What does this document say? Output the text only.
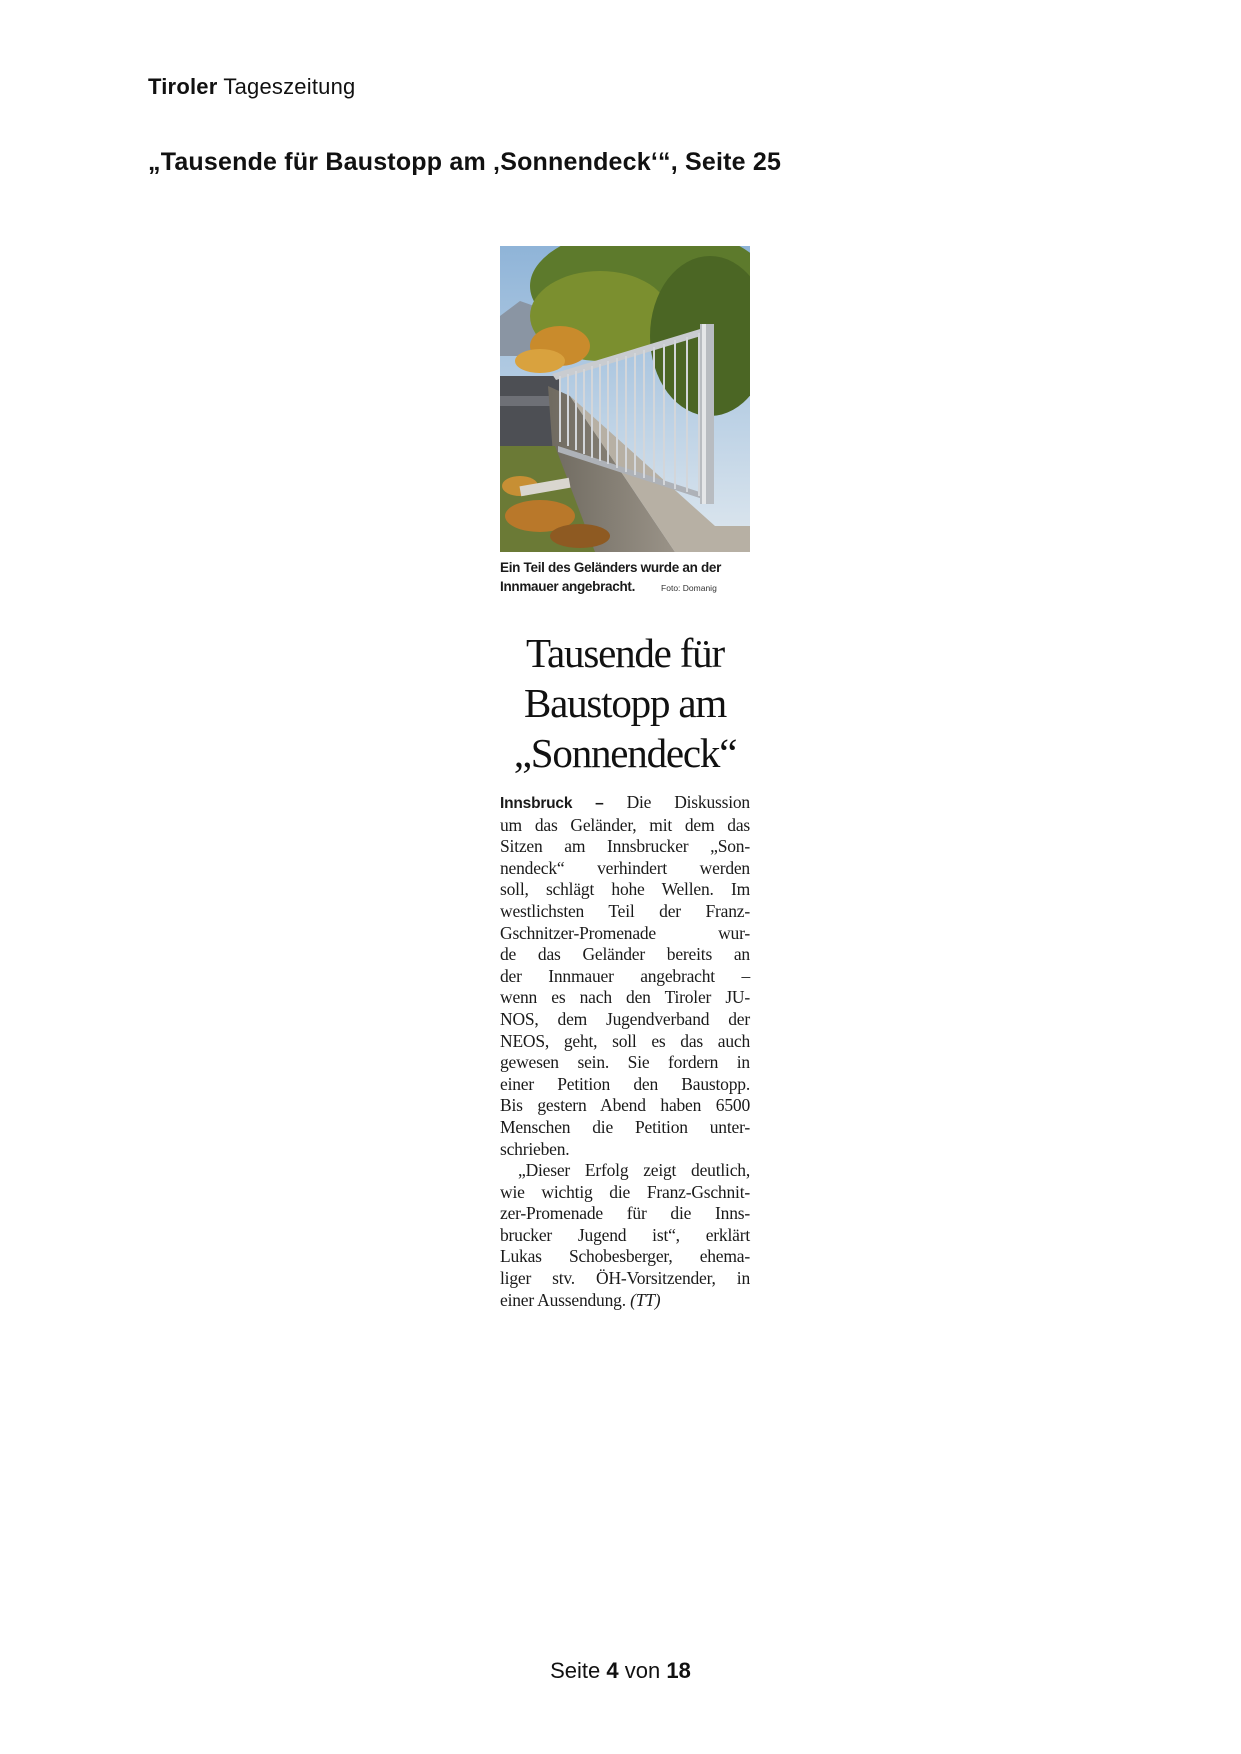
Tiroler Tageszeitung
„Tausende für Baustopp am ‚Sonnendeck‘“, Seite 25
Ein Teil des Geländers wurde an der
Innmauer angebracht.	Foto: Domanig
Tausende für
Baustopp am
„Sonnendeck“
Innsbruck – Die Diskussion
um das Geländer, mit dem das
Sitzen am Innsbrucker „Son-
nendeck“ verhindert werden
soll, schlägt hohe Wellen. Im
westlichsten Teil der Franz-
Gschnitzer-Promenade wur-
de das Geländer bereits an
der Innmauer angebracht –
wenn es nach den Tiroler JU-
NOS, dem Jugendverband der
NEOS, geht, soll es das auch
gewesen sein. Sie fordern in
einer Petition den Baustopp.
Bis gestern Abend haben 6500
Menschen die Petition unter-
schrieben.
„Dieser Erfolg zeigt deutlich,
wie wichtig die Franz-Gschnit-
zer-Promenade für die Inns-
brucker Jugend ist“, erklärt
Lukas Schobesberger, ehema-
liger stv. ÖH-Vorsitzender, in
einer Aussendung. (TT)
Seite 4 von 18
